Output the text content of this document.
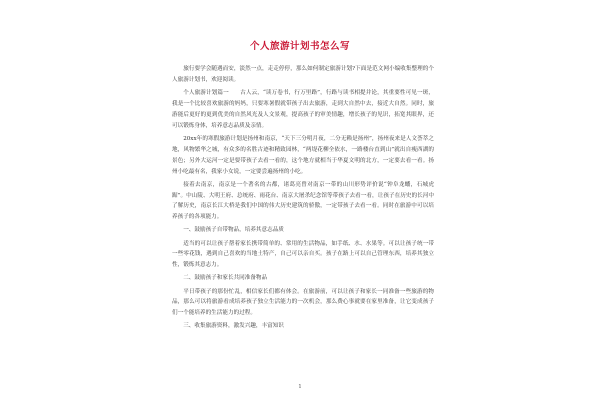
个人旅游计划书怎么写

旅行要学会随遇而安，淡然一点，走走停停，那么如何制定旅游计划?下面是范文网小编收集整理的个人旅游计划书，欢迎阅读。

个人旅游计划篇一　　古人云，“读万卷书，行万里路”，行路与读书相提并论，其重要性可见一斑，我是一个比较喜欢旅游的妈妈，只要寒暑假就带孩子出去旅游，走到大自然中去，接近大自然。同时，旅游能后更好的更到优美的自然风光及人文景观，提高孩子的审美情趣，增长孩子的见识，拓宽其眼界，还可以锻炼身体，培养意志品质及亲情。

20xx年的寒假旅游计划是扬州和南京，“天下三分明月夜，二分无赖是扬州”，扬州夜来是人文荟萃之地，风物繁华之城，有众多的名胜古迹和精致园林，“两堤花柳全依水，一路楼台直到山”就出自瘦西湖的景色；另外大运河一定是要带孩子去看一看的，这个地方就相当于华夏文明的北方，一定要去看一看。扬州小吃最有名，我家小女说，一定要尝遍扬州的小吃。

接着去南京，南京是一个著名的古都，诸葛亮曾对南京一带的山川形势评价说“钟阜龙蟠，石城虎踞”。中山陵、大明王府、总统府、雨花台、南京大屠杀纪念馆等带孩子去看一看，让孩子在历史的长河中了解历史，南京长江大桥是我们中国的伟大历史建筑的骄傲，一定带孩子去看一看。同时在旅游中可以培养孩子的各项能力。

一、鼓励孩子自带物品，培养其意志品质

适当的可以让孩子帮着家长携带简单的、常用的生活物品，如手纸、水、水果等。可以让孩子统一带一些零花钱，遇到自己喜欢的当地土特产，自己可以亲自买。孩子在路上可以自己管理东西，培养其独立性，锻炼其意志力。

二、鼓励孩子和家长共同准备物品

平日带孩子的那份忙乱，相信家长们都有体会。在旅游前，可以让孩子和家长一同准备一些旅游的物品，那么可以将旅游看成培养孩子独立生活能力的一次机会，那么费心事就要在家里准备，让它变成孩子们一个能培养的生活能力的过程。

三、收集旅游资料，激发兴趣，丰富知识

1
